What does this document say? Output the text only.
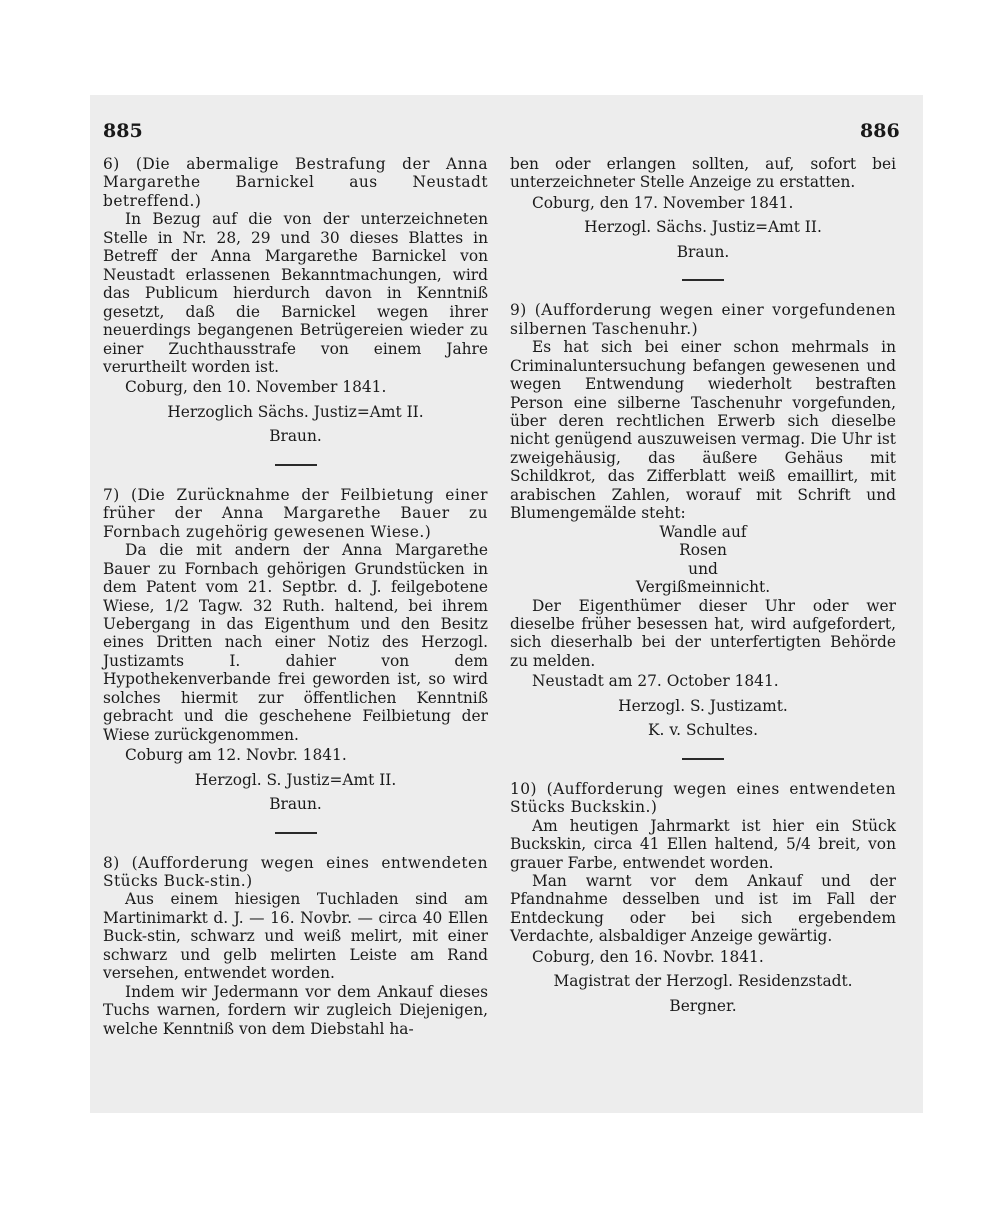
885	886

6) (Die abermalige Bestrafung der Anna Margarethe Barnickel aus Neustadt betreffend.)

In Bezug auf die von der unterzeichneten Stelle in Nr. 28, 29 und 30 dieses Blattes in Betreff der Anna Margarethe Barnickel von Neustadt erlassenen Bekanntmachungen, wird das Publicum hierdurch davon in Kenntniß gesetzt, daß die Barnickel wegen ihrer neuerdings begangenen Betrügereien wieder zu einer Zuchthausstrafe von einem Jahre verurtheilt worden ist.

Coburg, den 10. November 1841.

Herzoglich Sächs. Justiz=Amt II.

Braun.

7) (Die Zurücknahme der Feilbietung einer früher der Anna Margarethe Bauer zu Fornbach zugehörig gewesenen Wiese.)

Da die mit andern der Anna Margarethe Bauer zu Fornbach gehörigen Grundstücken in dem Patent vom 21. Septbr. d. J. feilgebotene Wiese, 1/2 Tagw. 32 Ruth. haltend, bei ihrem Uebergang in das Eigenthum und den Besitz eines Dritten nach einer Notiz des Herzogl. Justizamts I. dahier von dem Hypothekenverbande frei geworden ist, so wird solches hiermit zur öffentlichen Kenntniß gebracht und die geschehene Feilbietung der Wiese zurückgenommen.

Coburg am 12. Novbr. 1841.

Herzogl. S. Justiz=Amt II.

Braun.

8) (Aufforderung wegen eines entwendeten Stücks Buck-stin.)

Aus einem hiesigen Tuchladen sind am Martinimarkt d. J. — 16. Novbr. — circa 40 Ellen Buck-stin, schwarz und weiß melirt, mit einer schwarz und gelb melirten Leiste am Rand versehen, entwendet worden.

Indem wir Jedermann vor dem Ankauf dieses Tuchs warnen, fordern wir zugleich Diejenigen, welche Kenntniß von dem Diebstahl ha-

ben oder erlangen sollten, auf, sofort bei unterzeichneter Stelle Anzeige zu erstatten.

Coburg, den 17. November 1841.

Herzogl. Sächs. Justiz=Amt II.

Braun.

9) (Aufforderung wegen einer vorgefundenen silbernen Taschenuhr.)

Es hat sich bei einer schon mehrmals in Criminaluntersuchung befangen gewesenen und wegen Entwendung wiederholt bestraften Person eine silberne Taschenuhr vorgefunden, über deren rechtlichen Erwerb sich dieselbe nicht genügend auszuweisen vermag. Die Uhr ist zweigehäusig, das äußere Gehäus mit Schildkrot, das Zifferblatt weiß emaillirt, mit arabischen Zahlen, worauf mit Schrift und Blumengemälde steht:

Wandle auf

Rosen

und

Vergißmeinnicht.

Der Eigenthümer dieser Uhr oder wer dieselbe früher besessen hat, wird aufgefordert, sich dieserhalb bei der unterfertigten Behörde zu melden.

Neustadt am 27. October 1841.

Herzogl. S. Justizamt.

K. v. Schultes.

10) (Aufforderung wegen eines entwendeten Stücks Buckskin.)

Am heutigen Jahrmarkt ist hier ein Stück Buckskin, circa 41 Ellen haltend, 5/4 breit, von grauer Farbe, entwendet worden.

Man warnt vor dem Ankauf und der Pfandnahme desselben und ist im Fall der Entdeckung oder bei sich ergebendem Verdachte, alsbaldiger Anzeige gewärtig.

Coburg, den 16. Novbr. 1841.

Magistrat der Herzogl. Residenzstadt.

Bergner.
